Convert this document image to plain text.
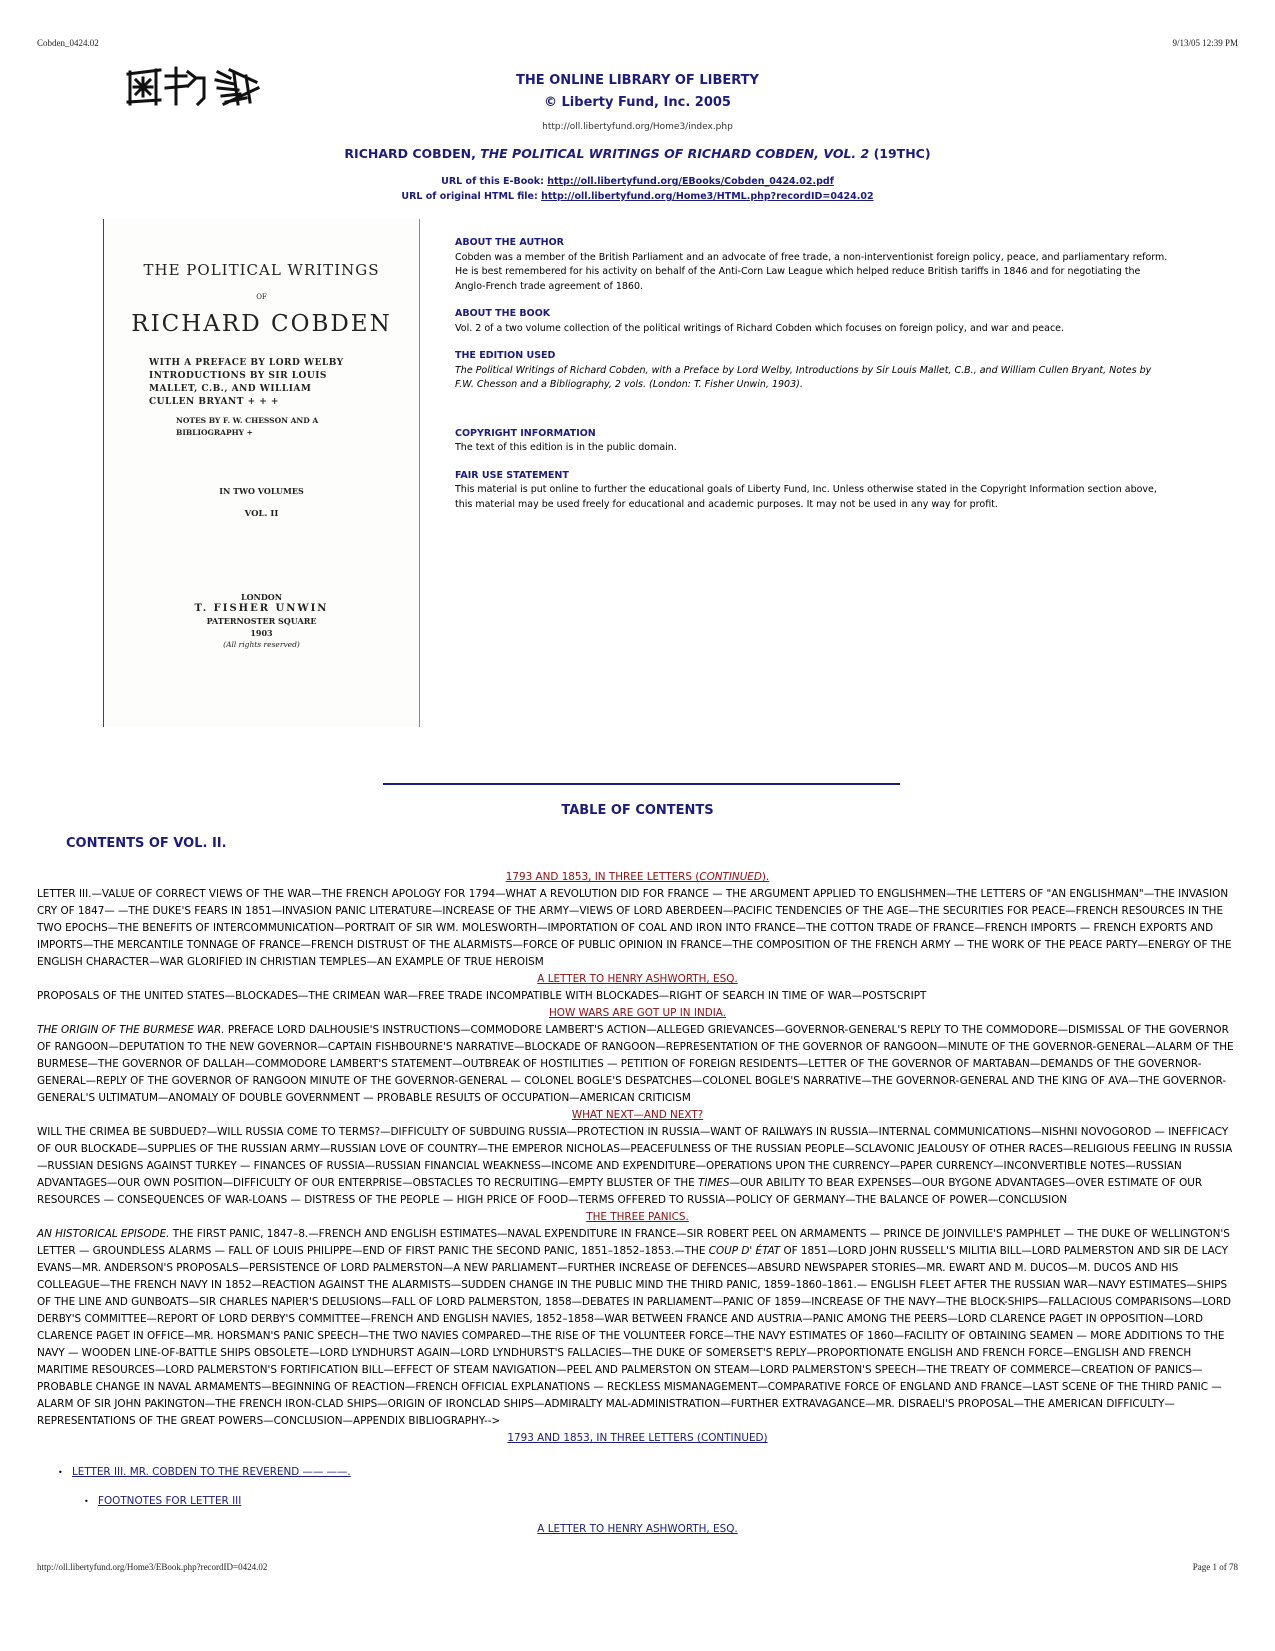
Cobden_0424.02	9/13/05 12:39 PM
THE ONLINE LIBRARY OF LIBERTY
© Liberty Fund, Inc. 2005
http://oll.libertyfund.org/Home3/index.php
RICHARD COBDEN, THE POLITICAL WRITINGS OF RICHARD COBDEN, VOL. 2 (19THC)
URL of this E-Book: http://oll.libertyfund.org/EBooks/Cobden_0424.02.pdf
URL of original HTML file: http://oll.libertyfund.org/Home3/HTML.php?recordID=0424.02
THE POLITICAL WRITINGS
OF
RICHARD COBDEN
WITH A PREFACE BY LORD WELBY INTRODUCTIONS BY SIR LOUIS MALLET, C.B., AND WILLIAM CULLEN BRYANT + + +
NOTES BY F. W. CHESSON AND A BIBLIOGRAPHY +
IN TWO VOLUMES
VOL. II
LONDON
T. FISHER UNWIN
PATERNOSTER SQUARE
1903
(All rights reserved)
ABOUT THE AUTHOR

Cobden was a member of the British Parliament and an advocate of free trade, a non-interventionist foreign policy, peace, and parliamentary reform. He is best remembered for his activity on behalf of the Anti-Corn Law League which helped reduce British tariffs in 1846 and for negotiating the Anglo-French trade agreement of 1860.

ABOUT THE BOOK

Vol. 2 of a two volume collection of the political writings of Richard Cobden which focuses on foreign policy, and war and peace.

THE EDITION USED

The Political Writings of Richard Cobden, with a Preface by Lord Welby, Introductions by Sir Louis Mallet, C.B., and William Cullen Bryant, Notes by F.W. Chesson and a Bibliography, 2 vols. (London: T. Fisher Unwin, 1903).

COPYRIGHT INFORMATION

The text of this edition is in the public domain.

FAIR USE STATEMENT

This material is put online to further the educational goals of Liberty Fund, Inc. Unless otherwise stated in the Copyright Information section above, this material may be used freely for educational and academic purposes. It may not be used in any way for profit.

TABLE OF CONTENTS
CONTENTS OF VOL. II.
1793 AND 1853, IN THREE LETTERS (CONTINUED).
LETTER III.—VALUE OF CORRECT VIEWS OF THE WAR—THE FRENCH APOLOGY FOR 1794—WHAT A REVOLUTION DID FOR FRANCE — THE ARGUMENT APPLIED TO ENGLISHMEN—THE LETTERS OF "AN ENGLISHMAN"—THE INVASION CRY OF 1847— —THE DUKE'S FEARS IN 1851—INVASION PANIC LITERATURE—INCREASE OF THE ARMY—VIEWS OF LORD ABERDEEN—PACIFIC TENDENCIES OF THE AGE—THE SECURITIES FOR PEACE—FRENCH RESOURCES IN THE TWO EPOCHS—THE BENEFITS OF INTERCOMMUNICATION—PORTRAIT OF SIR WM. MOLESWORTH—IMPORTATION OF COAL AND IRON INTO FRANCE—THE COTTON TRADE OF FRANCE—FRENCH IMPORTS — FRENCH EXPORTS AND IMPORTS—THE MERCANTILE TONNAGE OF FRANCE—FRENCH DISTRUST OF THE ALARMISTS—FORCE OF PUBLIC OPINION IN FRANCE—THE COMPOSITION OF THE FRENCH ARMY — THE WORK OF THE PEACE PARTY—ENERGY OF THE ENGLISH CHARACTER—WAR GLORIFIED IN CHRISTIAN TEMPLES—AN EXAMPLE OF TRUE HEROISM
A LETTER TO HENRY ASHWORTH, ESQ.
PROPOSALS OF THE UNITED STATES—BLOCKADES—THE CRIMEAN WAR—FREE TRADE INCOMPATIBLE WITH BLOCKADES—RIGHT OF SEARCH IN TIME OF WAR—POSTSCRIPT
HOW WARS ARE GOT UP IN INDIA.
THE ORIGIN OF THE BURMESE WAR. PREFACE LORD DALHOUSIE'S INSTRUCTIONS—COMMODORE LAMBERT'S ACTION—ALLEGED GRIEVANCES—GOVERNOR-GENERAL'S REPLY TO THE COMMODORE—DISMISSAL OF THE GOVERNOR OF RANGOON—DEPUTATION TO THE NEW GOVERNOR—CAPTAIN FISHBOURNE'S NARRATIVE—BLOCKADE OF RANGOON—REPRESENTATION OF THE GOVERNOR OF RANGOON—MINUTE OF THE GOVERNOR-GENERAL—ALARM OF THE BURMESE—THE GOVERNOR OF DALLAH—COMMODORE LAMBERT'S STATEMENT—OUTBREAK OF HOSTILITIES — PETITION OF FOREIGN RESIDENTS—LETTER OF THE GOVERNOR OF MARTABAN—DEMANDS OF THE GOVERNOR-GENERAL—REPLY OF THE GOVERNOR OF RANGOON MINUTE OF THE GOVERNOR-GENERAL — COLONEL BOGLE'S DESPATCHES—COLONEL BOGLE'S NARRATIVE—THE GOVERNOR-GENERAL AND THE KING OF AVA—THE GOVERNOR-GENERAL'S ULTIMATUM—ANOMALY OF DOUBLE GOVERNMENT — PROBABLE RESULTS OF OCCUPATION—AMERICAN CRITICISM
WHAT NEXT—AND NEXT?
WILL THE CRIMEA BE SUBDUED?—WILL RUSSIA COME TO TERMS?—DIFFICULTY OF SUBDUING RUSSIA—PROTECTION IN RUSSIA—WANT OF RAILWAYS IN RUSSIA—INTERNAL COMMUNICATIONS—NISHNI NOVOGOROD — INEFFICACY OF OUR BLOCKADE—SUPPLIES OF THE RUSSIAN ARMY—RUSSIAN LOVE OF COUNTRY—THE EMPEROR NICHOLAS—PEACEFULNESS OF THE RUSSIAN PEOPLE—SCLAVONIC JEALOUSY OF OTHER RACES—RELIGIOUS FEELING IN RUSSIA—RUSSIAN DESIGNS AGAINST TURKEY — FINANCES OF RUSSIA—RUSSIAN FINANCIAL WEAKNESS—INCOME AND EXPENDITURE—OPERATIONS UPON THE CURRENCY—PAPER CURRENCY—INCONVERTIBLE NOTES—RUSSIAN ADVANTAGES—OUR OWN POSITION—DIFFICULTY OF OUR ENTERPRISE—OBSTACLES TO RECRUITING—EMPTY BLUSTER OF THE TIMES—OUR ABILITY TO BEAR EXPENSES—OUR BYGONE ADVANTAGES—OVER ESTIMATE OF OUR RESOURCES — CONSEQUENCES OF WAR-LOANS — DISTRESS OF THE PEOPLE — HIGH PRICE OF FOOD—TERMS OFFERED TO RUSSIA—POLICY OF GERMANY—THE BALANCE OF POWER—CONCLUSION
THE THREE PANICS.
AN HISTORICAL EPISODE. THE FIRST PANIC, 1847–8.—FRENCH AND ENGLISH ESTIMATES—NAVAL EXPENDITURE IN FRANCE—SIR ROBERT PEEL ON ARMAMENTS — PRINCE DE JOINVILLE'S PAMPHLET — THE DUKE OF WELLINGTON'S LETTER — GROUNDLESS ALARMS — FALL OF LOUIS PHILIPPE—END OF FIRST PANIC THE SECOND PANIC, 1851–1852–1853.—THE COUP D' ÉTAT OF 1851—LORD JOHN RUSSELL'S MILITIA BILL—LORD PALMERSTON AND SIR DE LACY EVANS—MR. ANDERSON'S PROPOSALS—PERSISTENCE OF LORD PALMERSTON—A NEW PARLIAMENT—FURTHER INCREASE OF DEFENCES—ABSURD NEWSPAPER STORIES—MR. EWART AND M. DUCOS—M. DUCOS AND HIS COLLEAGUE—THE FRENCH NAVY IN 1852—REACTION AGAINST THE ALARMISTS—SUDDEN CHANGE IN THE PUBLIC MIND THE THIRD PANIC, 1859–1860–1861.— ENGLISH FLEET AFTER THE RUSSIAN WAR—NAVY ESTIMATES—SHIPS OF THE LINE AND GUNBOATS—SIR CHARLES NAPIER'S DELUSIONS—FALL OF LORD PALMERSTON, 1858—DEBATES IN PARLIAMENT—PANIC OF 1859—INCREASE OF THE NAVY—THE BLOCK-SHIPS—FALLACIOUS COMPARISONS—LORD DERBY'S COMMITTEE—REPORT OF LORD DERBY'S COMMITTEE—FRENCH AND ENGLISH NAVIES, 1852–1858—WAR BETWEEN FRANCE AND AUSTRIA—PANIC AMONG THE PEERS—LORD CLARENCE PAGET IN OPPOSITION—LORD CLARENCE PAGET IN OFFICE—MR. HORSMAN'S PANIC SPEECH—THE TWO NAVIES COMPARED—THE RISE OF THE VOLUNTEER FORCE—THE NAVY ESTIMATES OF 1860—FACILITY OF OBTAINING SEAMEN — MORE ADDITIONS TO THE NAVY — WOODEN LINE-OF-BATTLE SHIPS OBSOLETE—LORD LYNDHURST AGAIN—LORD LYNDHURST'S FALLACIES—THE DUKE OF SOMERSET'S REPLY—PROPORTIONATE ENGLISH AND FRENCH FORCE—ENGLISH AND FRENCH MARITIME RESOURCES—LORD PALMERSTON'S FORTIFICATION BILL—EFFECT OF STEAM NAVIGATION—PEEL AND PALMERSTON ON STEAM—LORD PALMERSTON'S SPEECH—THE TREATY OF COMMERCE—CREATION OF PANICS—PROBABLE CHANGE IN NAVAL ARMAMENTS—BEGINNING OF REACTION—FRENCH OFFICIAL EXPLANATIONS — RECKLESS MISMANAGEMENT—COMPARATIVE FORCE OF ENGLAND AND FRANCE—LAST SCENE OF THE THIRD PANIC — ALARM OF SIR JOHN PAKINGTON—THE FRENCH IRON-CLAD SHIPS—ORIGIN OF IRONCLAD SHIPS—ADMIRALTY MAL-ADMINISTRATION—FURTHER EXTRAVAGANCE—MR. DISRAELI'S PROPOSAL—THE AMERICAN DIFFICULTY—REPRESENTATIONS OF THE GREAT POWERS—CONCLUSION—APPENDIX BIBLIOGRAPHY-->
1793 AND 1853, IN THREE LETTERS (CONTINUED)
• LETTER III. MR. COBDEN TO THE REVEREND —— ——.
• FOOTNOTES FOR LETTER III
A LETTER TO HENRY ASHWORTH, ESQ.
http://oll.libertyfund.org/Home3/EBook.php?recordID=0424.02	Page 1 of 78
